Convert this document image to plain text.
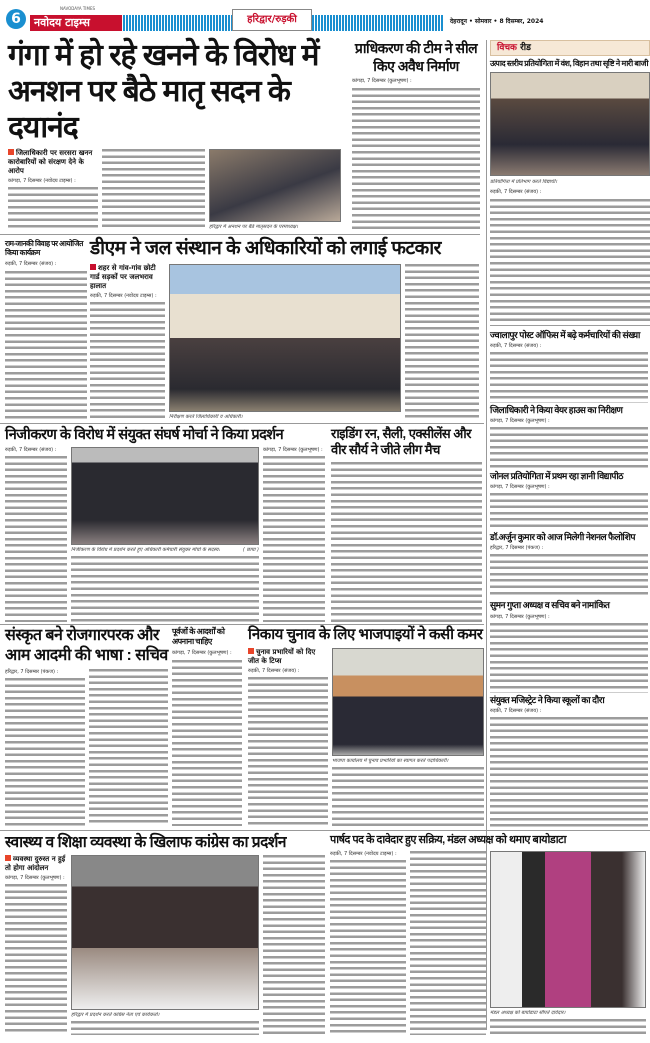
6
NAVODAYA TIMES
नवोदय टाइम्स	हरिद्वार/रुड़की	देहरादून • सोमवार • 8 दिसम्बर, 2024
गंगा में हो रहे खनने के विरोध में अनशन पर बैठे मातृ सदन के दयानंद
जिलाधिकारी पर सरसरा खनन कारोबारियों को संरक्षण देने के आरोप
कांगड़ा, 7 दिसम्बर (नवोदय टाइम्स) :
हरिद्वार में अनशन पर बैठे मातृसदन के परमाध्यक्ष।
प्राधिकरण की टीम ने सील किए अवैध निर्माण
कांगड़ा, 7 दिसम्बर (कुलभूषण) :
विचक रीड
उत्पाद स्तरीय प्रतियोगिता में वंश, विहान तथा सृष्टि ने मारी बाजी
प्रतियोगिता में प्रतिभाग करते विद्यार्थी।
रुड़की, 7 दिसम्बर (संजय) :
राम-जानकी विवाह पर आयोजित किया कार्यक्रम
रुड़की, 7 दिसम्बर (संजय) :
डीएम ने जल संस्थान के अधिकारियों को लगाई फटकार
शहर से गांव-गांव छोटी गार्ड सड़कों पर जलभराव हालात
रुड़की, 7 दिसम्बर (नवोदय टाइम्स) :
निरीक्षण करते जिलाधिकारी व अधिकारी।
ज्वालापुर पोस्ट ऑफिस में बढ़े कर्मचारियों की संख्या
रुड़की, 7 दिसम्बर (संजय) :
जिलाधिकारी ने किया वेयर हाउस का निरीक्षण
कांगड़ा, 7 दिसम्बर (कुलभूषण) :
जोनल प्रतियोगिता में प्रथम रहा ज्ञानी विद्यापीठ
कांगड़ा, 7 दिसम्बर (कुलभूषण) :
डॉ.अर्जुन कुमार को आज मिलेगी नेशनल फैलोशिप
हरिद्वार, 7 दिसम्बर (पंकज) :
सुमन गुप्ता अध्यक्ष व सचिव बने नामांकित
कांगड़ा, 7 दिसम्बर (कुलभूषण) :
संयुक्त मजिस्ट्रेट ने किया स्कूलों का दौरा
रुड़की, 7 दिसम्बर (संजय) :
निजीकरण के विरोध में संयुक्त संघर्ष मोर्चा ने किया प्रदर्शन
रुड़की, 7 दिसम्बर (संजय) :
निजीकरण के विरोध में प्रदर्शन करते हुए अधिकारी कर्मचारी संयुक्त मोर्चा के सदस्य।	( छाया )
कांगड़ा, 7 दिसम्बर (कुलभूषण) :
राइडिंग रन, सैली, एक्सीलेंस और वीर सौर्य ने जीते लीग मैच
संस्कृत बने रोजगारपरक और आम आदमी की भाषा : सचिव
हरिद्वार, 7 दिसम्बर (पंकज) :
पूर्वजों के आदर्शों को अपनाना चाहिए
कांगड़ा, 7 दिसम्बर (कुलभूषण) :
निकाय चुनाव के लिए भाजपाइयों ने कसी कमर
चुनाव प्रभारियों को दिए जीत के टिप्स
रुड़की, 7 दिसम्बर (संजय) :
भाजपा कार्यालय में चुनाव प्रभारियों का स्वागत करते पदाधिकारी।
स्वास्थ्य व शिक्षा व्यवस्था के खिलाफ कांग्रेस का प्रदर्शन
व्यवस्था दुरुस्त न हुई तो होगा आंदोलन
कांगड़ा, 7 दिसम्बर (कुलभूषण) :
हरिद्वार में प्रदर्शन करते कांग्रेस नेता एवं कार्यकर्ता।
पार्षद पद के दावेदार हुए सक्रिय, मंडल अध्यक्ष को थमाए बायोडाटा
रुड़की, 7 दिसम्बर (नवोदय टाइम्स) :
मंडल अध्यक्ष को बायोडाटा सौंपते दावेदार।
